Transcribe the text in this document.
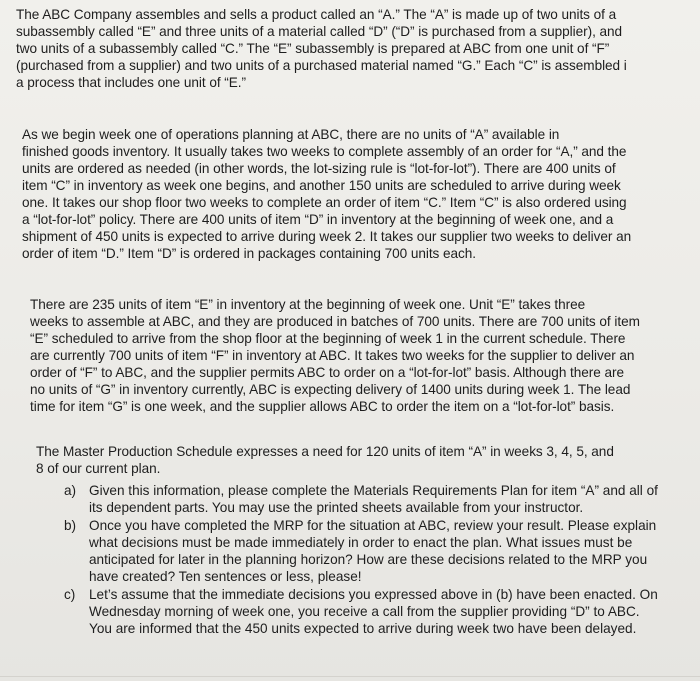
The ABC Company assembles and sells a product called an “A.” The “A” is made up of two units of a
subassembly called “E” and three units of a material called “D” (“D” is purchased from a supplier), and
two units of a subassembly called “C.” The “E” subassembly is prepared at ABC from one unit of “F”
(purchased from a supplier) and two units of a purchased material named “G.” Each “C” is assembled i
a process that includes one unit of “E.”

As we begin week one of operations planning at ABC, there are no units of “A” available in
finished goods inventory. It usually takes two weeks to complete assembly of an order for “A,” and the
units are ordered as needed (in other words, the lot-sizing rule is “lot-for-lot”). There are 400 units of
item “C” in inventory as week one begins, and another 150 units are scheduled to arrive during week
one. It takes our shop floor two weeks to complete an order of item “C.” Item “C” is also ordered using
a “lot-for-lot” policy. There are 400 units of item “D” in inventory at the beginning of week one, and a
shipment of 450 units is expected to arrive during week 2. It takes our supplier two weeks to deliver an
order of item “D.” Item “D” is ordered in packages containing 700 units each.

There are 235 units of item “E” in inventory at the beginning of week one. Unit “E” takes three
weeks to assemble at ABC, and they are produced in batches of 700 units. There are 700 units of item
“E” scheduled to arrive from the shop floor at the beginning of week 1 in the current schedule. There
are currently 700 units of item “F” in inventory at ABC. It takes two weeks for the supplier to deliver an
order of “F” to ABC, and the supplier permits ABC to order on a “lot-for-lot” basis. Although there are
no units of “G” in inventory currently, ABC is expecting delivery of 1400 units during week 1. The lead
time for item “G” is one week, and the supplier allows ABC to order the item on a “lot-for-lot” basis.

The Master Production Schedule expresses a need for 120 units of item “A” in weeks 3, 4, 5, and
8 of our current plan.

a) Given this information, please complete the Materials Requirements Plan for item “A” and all of
its dependent parts. You may use the printed sheets available from your instructor.
b) Once you have completed the MRP for the situation at ABC, review your result. Please explain
what decisions must be made immediately in order to enact the plan. What issues must be
anticipated for later in the planning horizon? How are these decisions related to the MRP you
have created? Ten sentences or less, please!
c)	Let’s assume that the immediate decisions you expressed above in (b) have been enacted. On
Wednesday morning of week one, you receive a call from the supplier providing “D” to ABC.
You are informed that the 450 units expected to arrive during week two have been delayed.
